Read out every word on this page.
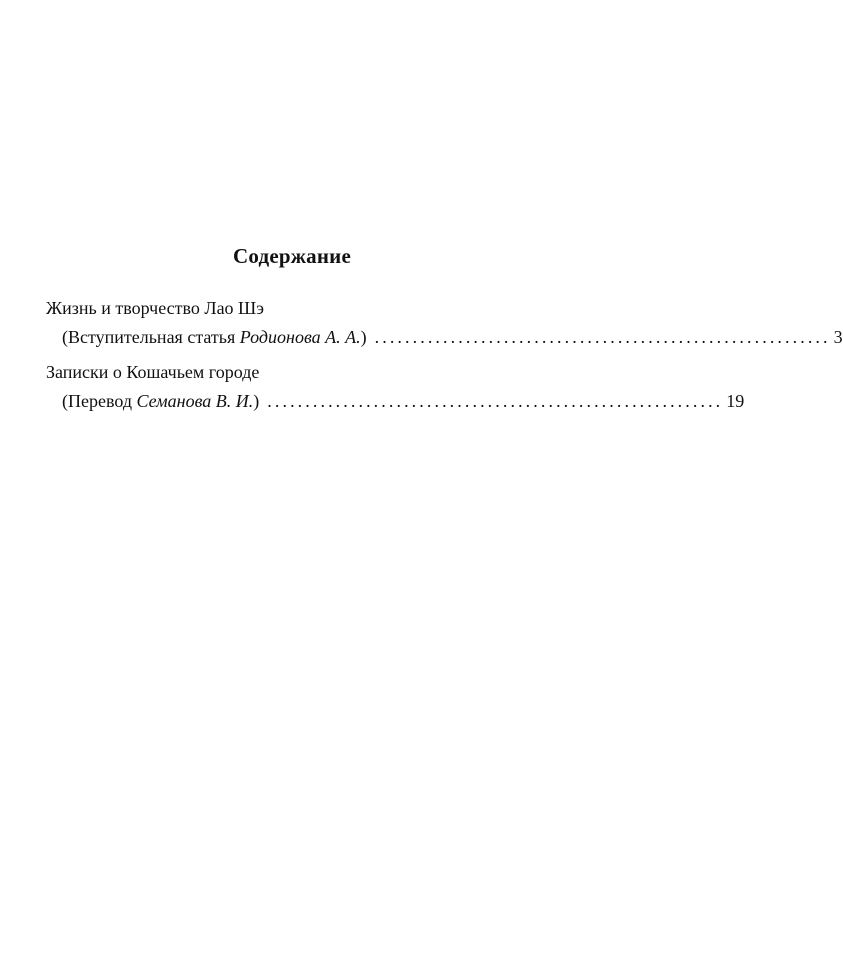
Содержание
Жизнь и творчество Лао Шэ
(Вступительная статья Родионова А. А.) ............................................................ 3
Записки о Кошачьем городе
(Перевод Семанова В. И.) ............................................................ 19
